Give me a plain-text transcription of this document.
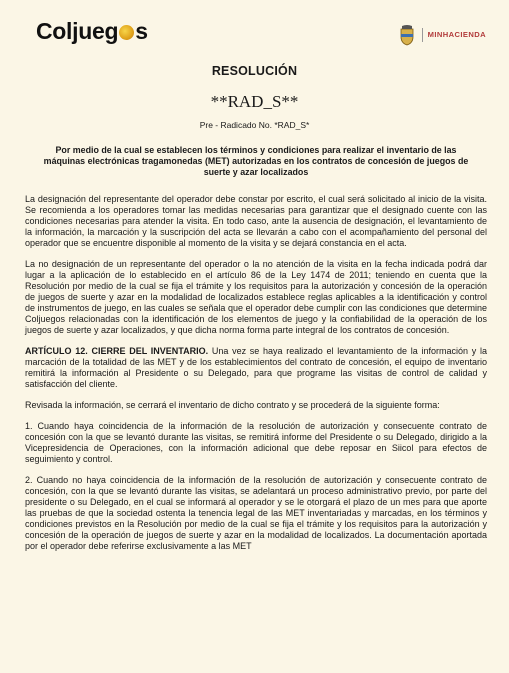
Coljueg s	MINHACIENDA
RESOLUCIÓN
**RAD_S**
Pre - Radicado No. *RAD_S*
Por medio de la cual se establecen los términos y condiciones para realizar el inventario de las máquinas electrónicas tragamonedas (MET) autorizadas en los contratos de concesión de juegos de suerte y azar localizados

La designación del representante del operador debe constar por escrito, el cual será solicitado al inicio de la visita. Se recomienda a los operadores tomar las medidas necesarias para garantizar que el designado cuente con las condiciones necesarias para atender la visita. En todo caso, ante la ausencia de designación, el levantamiento de la información, la marcación y la suscripción del acta se llevarán a cabo con el acompañamiento del personal del operador que se encuentre disponible al momento de la visita y se dejará constancia en el acta.

La no designación de un representante del operador o la no atención de la visita en la fecha indicada podrá dar lugar a la aplicación de lo establecido en el artículo 86 de la Ley 1474 de 2011; teniendo en cuenta que la Resolución por medio de la cual se fija el trámite y los requisitos para la autorización y concesión de la operación de juegos de suerte y azar en la modalidad de localizados establece reglas aplicables a la identificación y control de instrumentos de juego, en las cuales se señala que el operador debe cumplir con las condiciones que determine Coljuegos relacionadas con la identificación de los elementos de juego y la confiabilidad de la operación de los juegos de suerte y azar localizados, y que dicha norma forma parte integral de los contratos de concesión.

ARTÍCULO 12. CIERRE DEL INVENTARIO. Una vez se haya realizado el levantamiento de la información y la marcación de la totalidad de las MET y de los establecimientos del contrato de concesión, el equipo de inventario remitirá la información al Presidente o su Delegado, para que programe las visitas de control de calidad y satisfacción del cliente.

Revisada la información, se cerrará el inventario de dicho contrato y se procederá de la siguiente forma:

1. Cuando haya coincidencia de la información de la resolución de autorización y consecuente contrato de concesión con la que se levantó durante las visitas, se remitirá informe del Presidente o su Delegado, dirigido a la Vicepresidencia de Operaciones, con la información adicional que debe reposar en Siicol para efectos de seguimiento y control.

2. Cuando no haya coincidencia de la información de la resolución de autorización y consecuente contrato de concesión, con la que se levantó durante las visitas, se adelantará un proceso administrativo previo, por parte del presidente o su Delegado, en el cual se informará al operador y se le otorgará el plazo de un mes para que aporte las pruebas de que la sociedad ostenta la tenencia legal de las MET inventariadas y marcadas, en los términos y condiciones previstos en la Resolución por medio de la cual se fija el trámite y los requisitos para la autorización y concesión de la operación de juegos de suerte y azar en la modalidad de localizados. La documentación aportada por el operador debe referirse exclusivamente a las MET
